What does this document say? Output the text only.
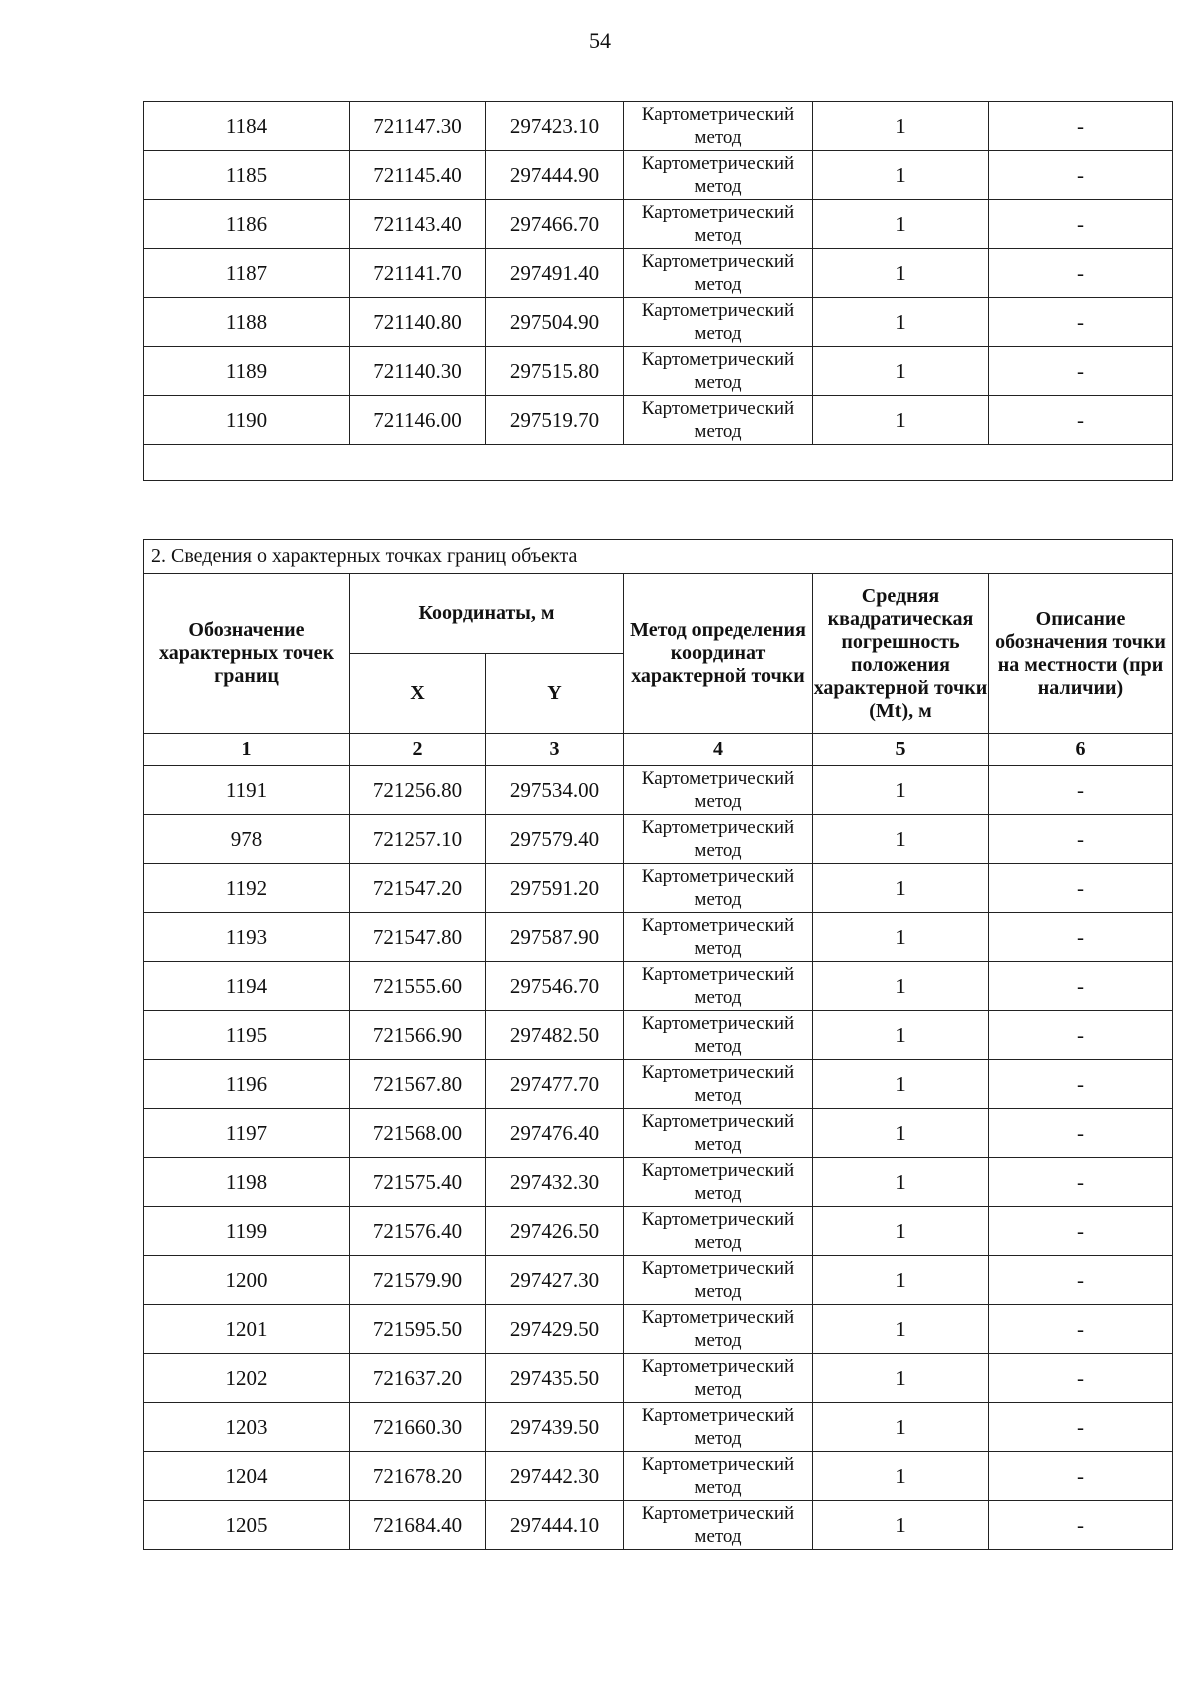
54
1184	721147.30	297423.10	Картометрический метод	1	-
1185	721145.40	297444.90	Картометрический метод	1	-
1186	721143.40	297466.70	Картометрический метод	1	-
1187	721141.70	297491.40	Картометрический метод	1	-
1188	721140.80	297504.90	Картометрический метод	1	-
1189	721140.30	297515.80	Картометрический метод	1	-
1190	721146.00	297519.70	Картометрический метод	1	-

2. Сведения о характерных точках границ объекта					
Обозначение характерных точек границ	Координаты, м		Метод определения координат характерной точки	Средняя квадратическая погрешность положения характерной точки (Mt), м	Описание обозначения точки на местности (при наличии)
	X	Y			
1	2	3	4	5	6
1191	721256.80	297534.00	Картометрический метод	1	-
978	721257.10	297579.40	Картометрический метод	1	-
1192	721547.20	297591.20	Картометрический метод	1	-
1193	721547.80	297587.90	Картометрический метод	1	-
1194	721555.60	297546.70	Картометрический метод	1	-
1195	721566.90	297482.50	Картометрический метод	1	-
1196	721567.80	297477.70	Картометрический метод	1	-
1197	721568.00	297476.40	Картометрический метод	1	-
1198	721575.40	297432.30	Картометрический метод	1	-
1199	721576.40	297426.50	Картометрический метод	1	-
1200	721579.90	297427.30	Картометрический метод	1	-
1201	721595.50	297429.50	Картометрический метод	1	-
1202	721637.20	297435.50	Картометрический метод	1	-
1203	721660.30	297439.50	Картометрический метод	1	-
1204	721678.20	297442.30	Картометрический метод	1	-
1205	721684.40	297444.10	Картометрический метод	1	-
